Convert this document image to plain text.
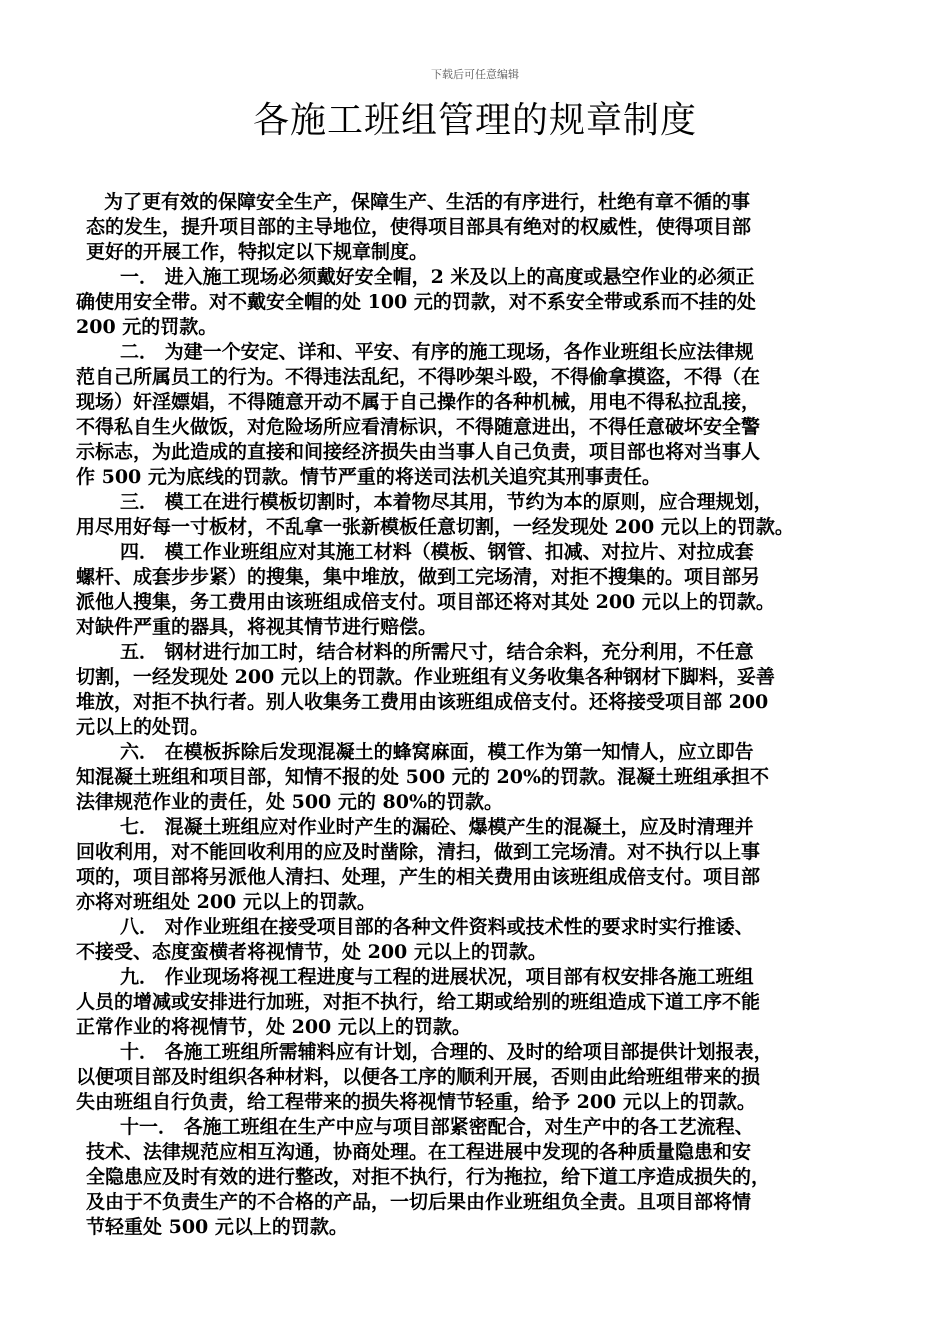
下载后可任意编辑
各施工班组管理的规章制度
为了更有效的保障安全生产，保障生产、生活的有序进行，杜绝有章不循的事
态的发生，提升项目部的主导地位，使得项目部具有绝对的权威性，使得项目部
更好的开展工作，特拟定以下规章制度。
一． 进入施工现场必须戴好安全帽，2 米及以上的高度或悬空作业的必须正
确使用安全带。对不戴安全帽的处 100 元的罚款，对不系安全带或系而不挂的处
200 元的罚款。
二． 为建一个安定、详和、平安、有序的施工现场，各作业班组长应法律规
范自己所属员工的行为。不得违法乱纪，不得吵架斗殴，不得偷拿摸盗，不得（在
现场）奸淫嫖娼，不得随意开动不属于自己操作的各种机械，用电不得私拉乱接，
不得私自生火做饭，对危险场所应看清标识，不得随意进出，不得任意破坏安全警
示标志，为此造成的直接和间接经济损失由当事人自己负责，项目部也将对当事人
作 500 元为底线的罚款。情节严重的将送司法机关追究其刑事责任。
三． 模工在进行模板切割时，本着物尽其用，节约为本的原则，应合理规划，
用尽用好每一寸板材，不乱拿一张新模板任意切割，一经发现处 200 元以上的罚款。
四． 模工作业班组应对其施工材料（模板、钢管、扣减、对拉片、对拉成套
螺杆、成套步步紧）的搜集，集中堆放，做到工完场清，对拒不搜集的。项目部另
派他人搜集，务工费用由该班组成倍支付。项目部还将对其处 200 元以上的罚款。
对缺件严重的器具，将视其情节进行赔偿。
五． 钢材进行加工时，结合材料的所需尺寸，结合余料，充分利用，不任意
切割，一经发现处 200 元以上的罚款。作业班组有义务收集各种钢材下脚料，妥善
堆放，对拒不执行者。别人收集务工费用由该班组成倍支付。还将接受项目部 200
元以上的处罚。
六． 在模板拆除后发现混凝土的蜂窝麻面，模工作为第一知情人，应立即告
知混凝土班组和项目部，知情不报的处 500 元的 20%的罚款。混凝土班组承担不
法律规范作业的责任，处 500 元的 80%的罚款。
七． 混凝土班组应对作业时产生的漏砼、爆模产生的混凝土，应及时清理并
回收利用，对不能回收利用的应及时凿除，清扫，做到工完场清。对不执行以上事
项的，项目部将另派他人清扫、处理，产生的相关费用由该班组成倍支付。项目部
亦将对班组处 200 元以上的罚款。
八． 对作业班组在接受项目部的各种文件资料或技术性的要求时实行推诿、
不接受、态度蛮横者将视情节，处 200 元以上的罚款。
九． 作业现场将视工程进度与工程的进展状况，项目部有权安排各施工班组
人员的增减或安排进行加班，对拒不执行，给工期或给别的班组造成下道工序不能
正常作业的将视情节，处 200 元以上的罚款。
十． 各施工班组所需辅料应有计划，合理的、及时的给项目部提供计划报表，
以便项目部及时组织各种材料，以便各工序的顺利开展，否则由此给班组带来的损
失由班组自行负责，给工程带来的损失将视情节轻重，给予 200 元以上的罚款。
十一． 各施工班组在生产中应与项目部紧密配合，对生产中的各工艺流程、
技术、法律规范应相互沟通，协商处理。在工程进展中发现的各种质量隐患和安
全隐患应及时有效的进行整改，对拒不执行，行为拖拉，给下道工序造成损失的，
及由于不负责生产的不合格的产品，一切后果由作业班组负全责。且项目部将情
节轻重处 500 元以上的罚款。
